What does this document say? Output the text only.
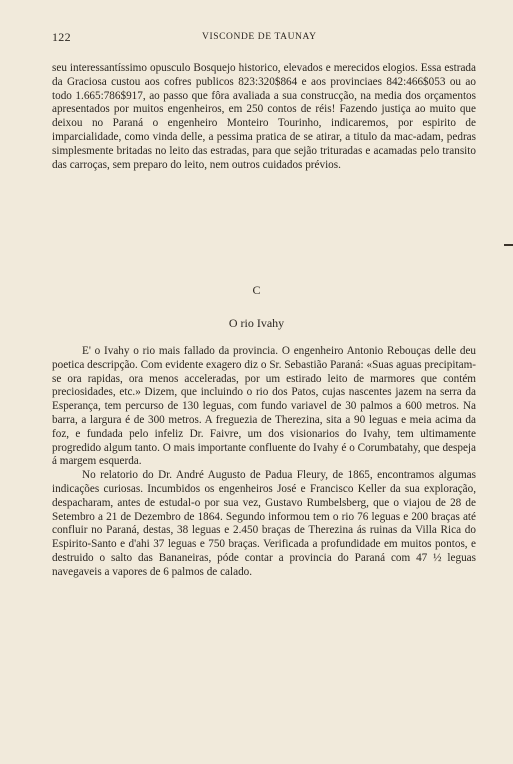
122	VISCONDE DE TAUNAY

seu interessantíssimo opusculo Bosquejo historico, elevados e merecidos elogios. Essa estrada da Graciosa custou aos cofres publicos 823:320$864 e aos provinciaes 842:466$053 ou ao todo 1.665:786$917, ao passo que fôra avaliada a sua construcção, na media dos orçamentos apresentados por muitos engenheiros, em 250 contos de réis! Fazendo justiça ao muito que deixou no Paraná o engenheiro Monteiro Tourinho, indicaremos, por espirito de imparcialidade, como vinda delle, a pessima pratica de se atirar, a titulo da mac-adam, pedras simplesmente britadas no leito das estradas, para que sejão trituradas e acamadas pelo transito das carroças, sem preparo do leito, nem outros cuidados prévios.

C
O rio Ivahy

E' o Ivahy o rio mais fallado da provincia. O engenheiro Antonio Rebouças delle deu poetica descripção. Com evidente exagero diz o Sr. Sebastião Paraná: «Suas aguas precipitam-se ora rapidas, ora menos acceleradas, por um estirado leito de marmores que contém preciosidades, etc.» Dizem, que incluindo o rio dos Patos, cujas nascentes jazem na serra da Esperança, tem percurso de 130 leguas, com fundo variavel de 30 palmos a 600 metros. Na barra, a largura é de 300 metros. A freguezia de Therezina, sita a 90 leguas e meia acima da foz, e fundada pelo infeliz Dr. Faivre, um dos visionarios do Ivahy, tem ultimamente progredido algum tanto. O mais importante confluente do Ivahy é o Corumbatahy, que despeja á margem esquerda.

No relatorio do Dr. André Augusto de Padua Fleury, de 1865, encontramos algumas indicações curiosas. Incumbidos os engenheiros José e Francisco Keller da sua exploração, despacharam, antes de estudal-o por sua vez, Gustavo Rumbelsberg, que o viajou de 28 de Setembro a 21 de Dezembro de 1864. Segundo informou tem o rio 76 leguas e 200 braças até confluir no Paraná, destas, 38 leguas e 2.450 braças de Therezina ás ruinas da Villa Rica do Espirito-Santo e d'ahi 37 leguas e 750 braças. Verificada a profundidade em muitos pontos, e destruido o salto das Bananeiras, póde contar a provincia do Paraná com 47 ½ leguas navegaveis a vapores de 6 palmos de calado.
